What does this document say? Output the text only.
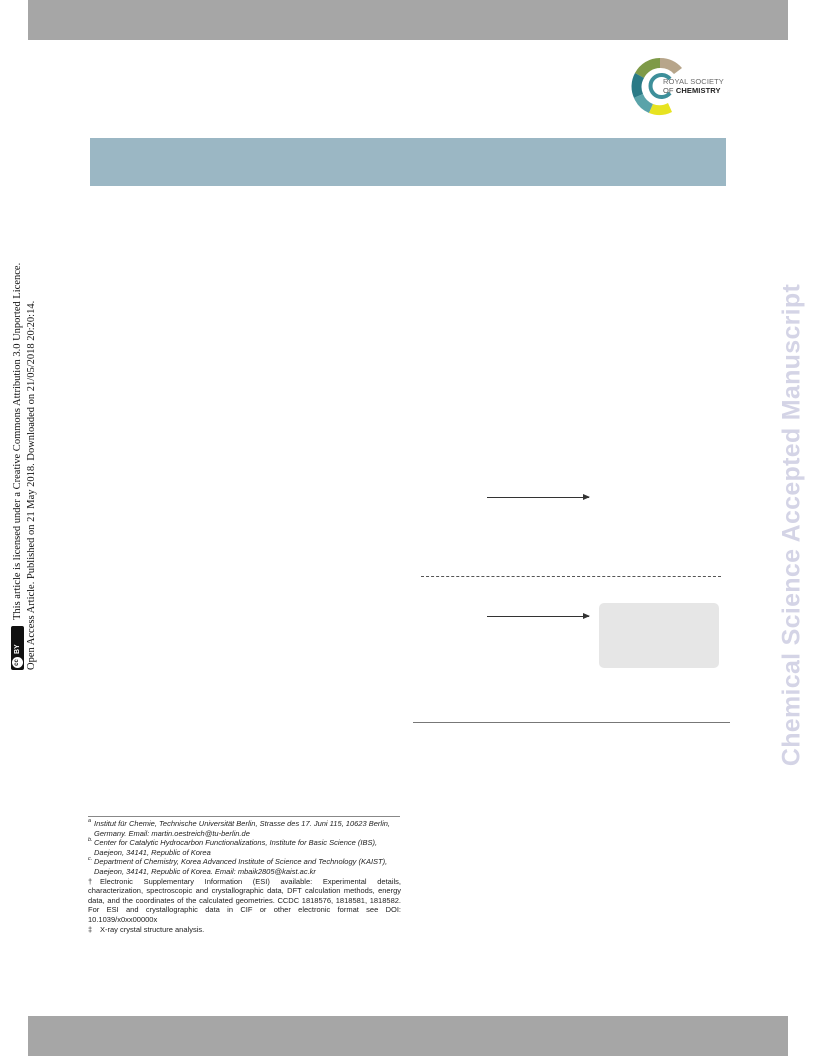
ROYAL SOCIETY
OF CHEMISTRY
cc
BY
This article is licensed under a Creative Commons Attribution 3.0 Unported Licence. Open Access Article. Published on 21 May 2018. Downloaded on 21/05/2018 20:20:14.	Chemical Science Accepted Manuscript
a Institut für Chemie, Technische Universität Berlin, Strasse des 17. Juni 115, 10623 Berlin, Germany. Email: martin.oestreich@tu-berlin.de
b. Center for Catalytic Hydrocarbon Functionalizations, Institute for Basic Science (IBS), Daejeon, 34141, Republic of Korea
c. Department of Chemistry, Korea Advanced Institute of Science and Technology (KAIST), Daejeon, 34141, Republic of Korea. Email: mbaik2805@kaist.ac.kr
† Electronic Supplementary Information (ESI) available: Experimental details, characterization, spectroscopic and crystallographic data, DFT calculation methods, energy data, and the coordinates of the calculated geometries. CCDC 1818576, 1818581, 1818582. For ESI and crystallographic data in CIF or other electronic format see DOI: 10.1039/x0xx00000x
‡ X-ray crystal structure analysis.
